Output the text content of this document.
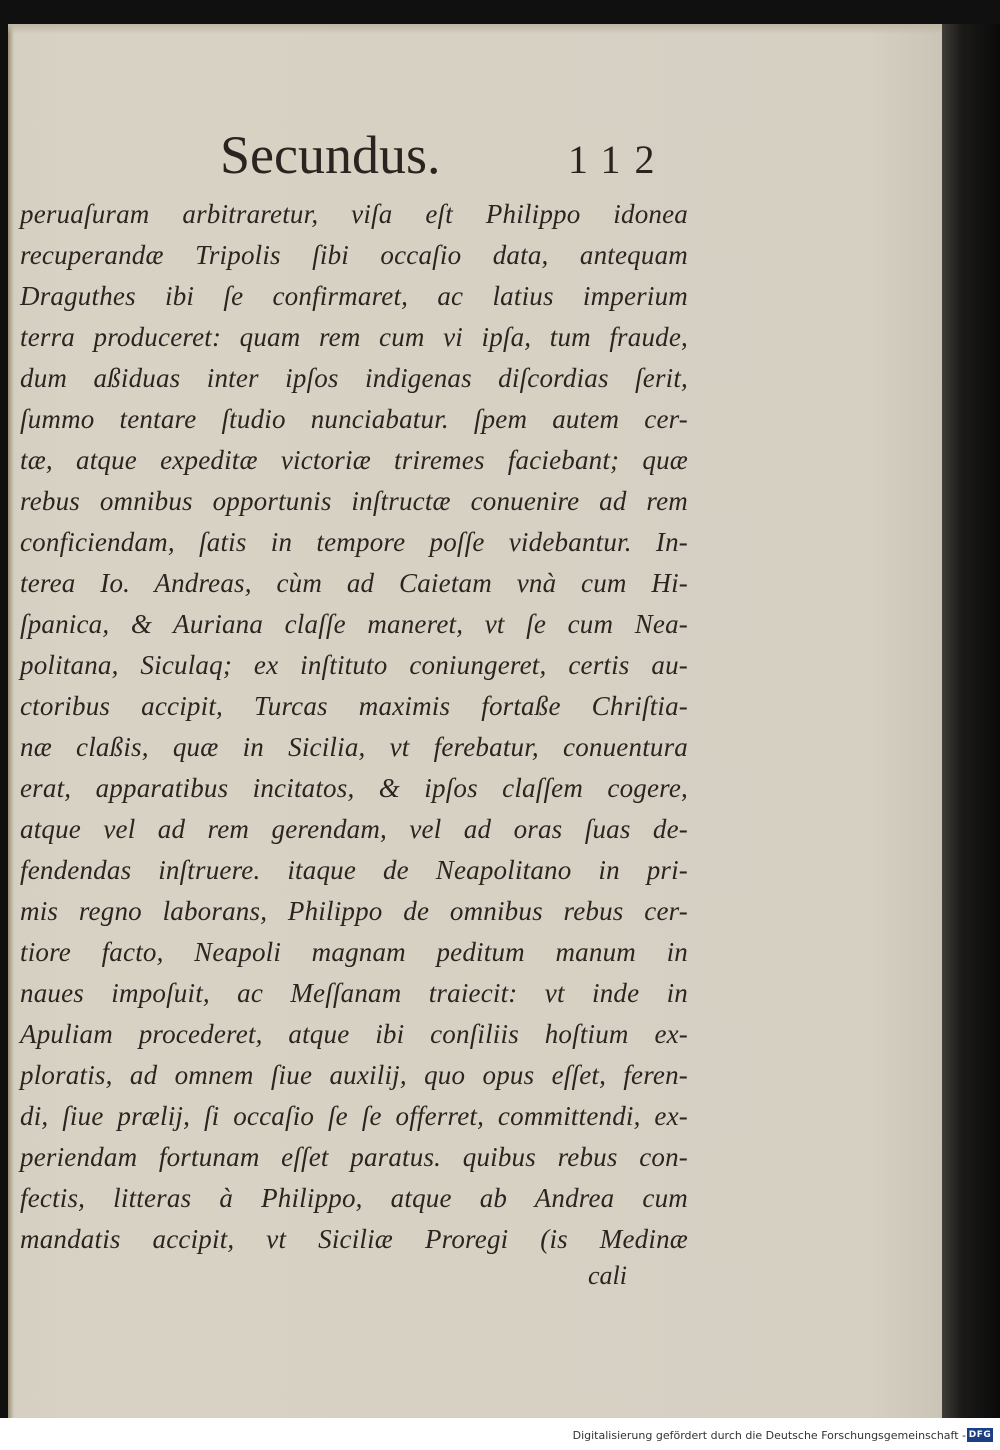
Secundus.	112
peruaſuram arbitraretur, viſa eſt Philippo idonea
recuperandæ Tripolis ſibi occaſio data, antequam
Draguthes ibi ſe confirmaret, ac latius imperium
terra produceret: quam rem cum vi ipſa, tum fraude,
dum aßiduas inter ipſos indigenas diſcordias ſerit,
ſummo tentare ſtudio nunciabatur. ſpem autem cer-
tæ, atque expeditæ victoriæ triremes faciebant; quæ
rebus omnibus opportunis inſtructæ conuenire ad rem
conficiendam, ſatis in tempore poſſe videbantur. In-
terea Io. Andreas, cùm ad Caietam vnà cum Hi-
ſpanica, & Auriana claſſe maneret, vt ſe cum Nea-
politana, Siculaq; ex inſtituto coniungeret, certis au-
ctoribus accipit, Turcas maximis fortaße Chriſtia-
næ claßis, quæ in Sicilia, vt ferebatur, conuentura
erat, apparatibus incitatos, & ipſos claſſem cogere,
atque vel ad rem gerendam, vel ad oras ſuas de-
fendendas inſtruere. itaque de Neapolitano in pri-
mis regno laborans, Philippo de omnibus rebus cer-
tiore facto, Neapoli magnam peditum manum in
naues impoſuit, ac Meſſanam traiecit: vt inde in
Apuliam procederet, atque ibi conſiliis hoſtium ex-
ploratis, ad omnem ſiue auxilij, quo opus eſſet, feren-
di, ſiue prælij, ſi occaſio ſe ſe offerret, committendi, ex-
periendam fortunam eſſet paratus. quibus rebus con-
fectis, litteras à Philippo, atque ab Andrea cum
mandatis accipit, vt Siciliæ Proregi (is Medinæ
cali
Digitalisierung gefördert durch die Deutsche Forschungsgemeinschaft - DFG
